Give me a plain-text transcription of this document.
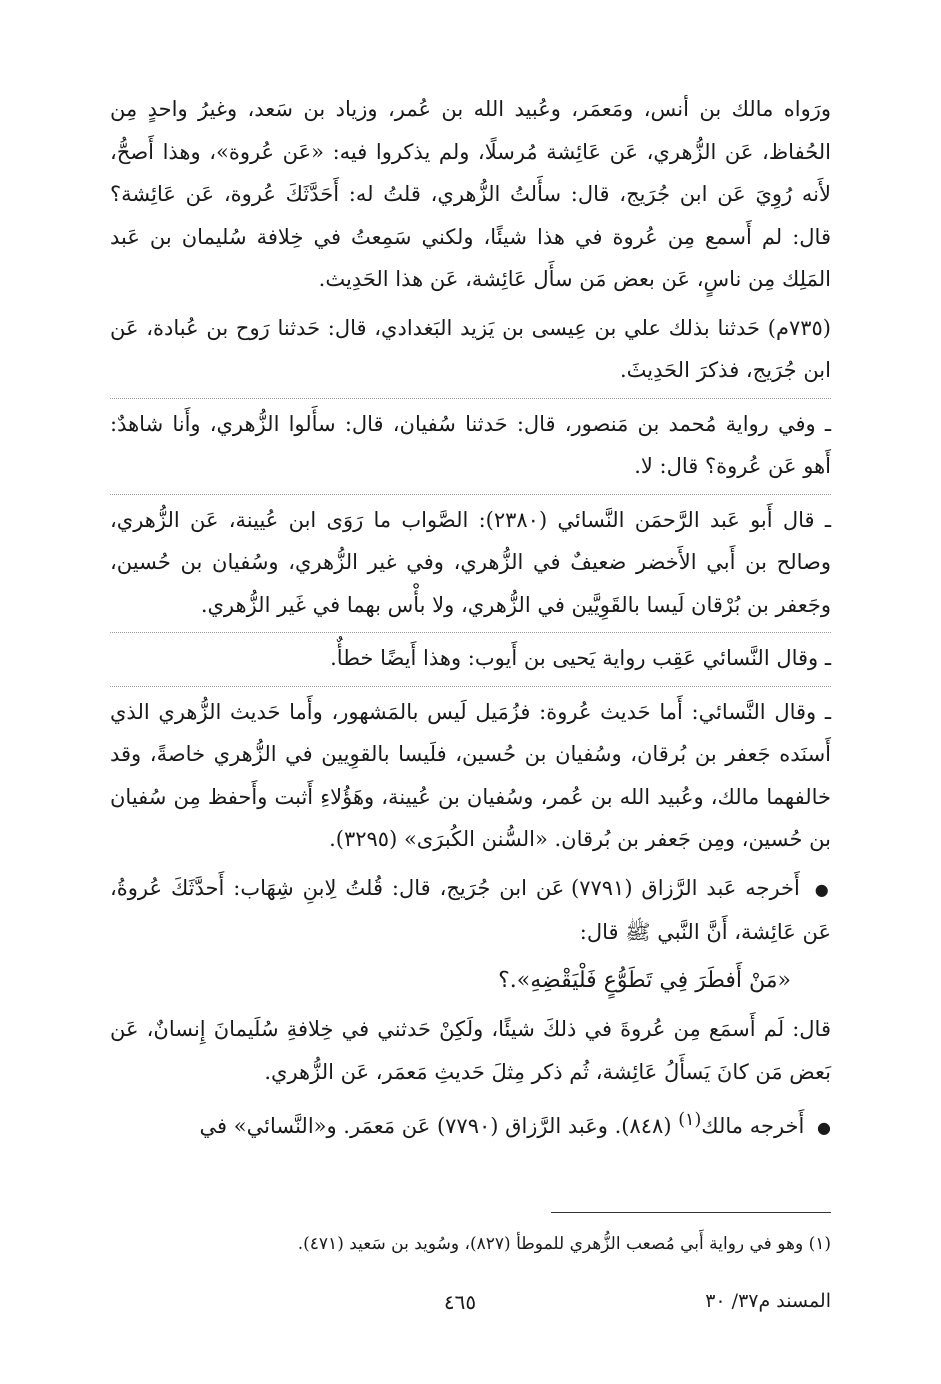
ورَواه مالك بن أنس، ومَعمَر، وعُبيد الله بن عُمر، وزياد بن سَعد، وغيرُ واحدٍ مِن الحُفاظ، عَن الزُّهري، عَن عَائِشة مُرسلًا، ولم يذكروا فيه: «عَن عُروة»، وهذا أَصحُّ، لأَنه رُوِيَ عَن ابن جُرَيج، قال: سأَلتُ الزُّهري، قلتُ له: أَحَدَّثَكَ عُروة، عَن عَائِشة؟ قال: لم أَسمع مِن عُروة في هذا شيئًا، ولكني سَمِعتُ في خِلافة سُليمان بن عَبد المَلِك مِن ناسٍ، عَن بعض مَن سأَل عَائِشة، عَن هذا الحَدِيث.

(٧٣٥م) حَدثنا بذلك علي بن عِيسى بن يَزيد البَغدادي، قال: حَدثنا رَوح بن عُبادة، عَن ابن جُرَيج، فذكرَ الحَدِيثَ.

ـ وفي رواية مُحمد بن مَنصور، قال: حَدثنا سُفيان، قال: سأَلوا الزُّهري، وأَنا شاهدٌ: أَهو عَن عُروة؟ قال: لا.

ـ قال أَبو عَبد الرَّحمَن النَّسائي (٢٣٨٠): الصَّواب ما رَوَى ابن عُيينة، عَن الزُّهري، وصالح بن أَبي الأَخضر ضعيفٌ في الزُّهري، وفي غير الزُّهري، وسُفيان بن حُسين، وجَعفر بن بُرْقان لَيسا بالقَوِيَّين في الزُّهري، ولا بأْس بهما في غَير الزُّهري.

ـ وقال النَّسائي عَقِب رواية يَحيى بن أَيوب: وهذا أَيضًا خطأٌ.

ـ وقال النَّسائي: أَما حَديث عُروة: فزُمَيل لَيس بالمَشهور، وأَما حَديث الزُّهري الذي أَسنَده جَعفر بن بُرقان، وسُفيان بن حُسين، فلَيسا بالقوِيين في الزُّهري خاصةً، وقد خالفهما مالك، وعُبيد الله بن عُمر، وسُفيان بن عُيينة، وهَؤُلاءِ أَثبت وأَحفظ مِن سُفيان بن حُسين، ومِن جَعفر بن بُرقان. «السُّنن الكُبرَى» (٣٢٩٥).

● أَخرجه عَبد الرَّزاق (٧٧٩١) عَن ابن جُرَيج، قال: قُلتُ لِابنِ شِهَاب: أَحدَّثَكَ عُروةُ، عَن عَائِشة، أَنَّ النَّبي ﷺ قال:

«مَنْ أَفطَرَ فِي تَطَوُّعٍ فَلْيَقْضِهِ».؟

قال: لَم أَسمَع مِن عُروةَ في ذلكَ شيئًا، ولَكِنْ حَدثني في خِلافةِ سُلَيمانَ إِنسانٌ، عَن بَعض مَن كانَ يَسأَلُ عَائِشة، ثُم ذكر مِثلَ حَديثِ مَعمَر، عَن الزُّهري.

● أَخرجه مالك$^{(١)}$ (٨٤٨). وعَبد الرَّزاق (٧٧٩٠) عَن مَعمَر. و«النَّسائي» في

(١) وهو في رواية أَبي مُصعب الزُّهري للموطأ (٨٢٧)، وسُويد بن سَعيد (٤٧١).
٤٦٥	المسند م٣٧/ ٣٠
